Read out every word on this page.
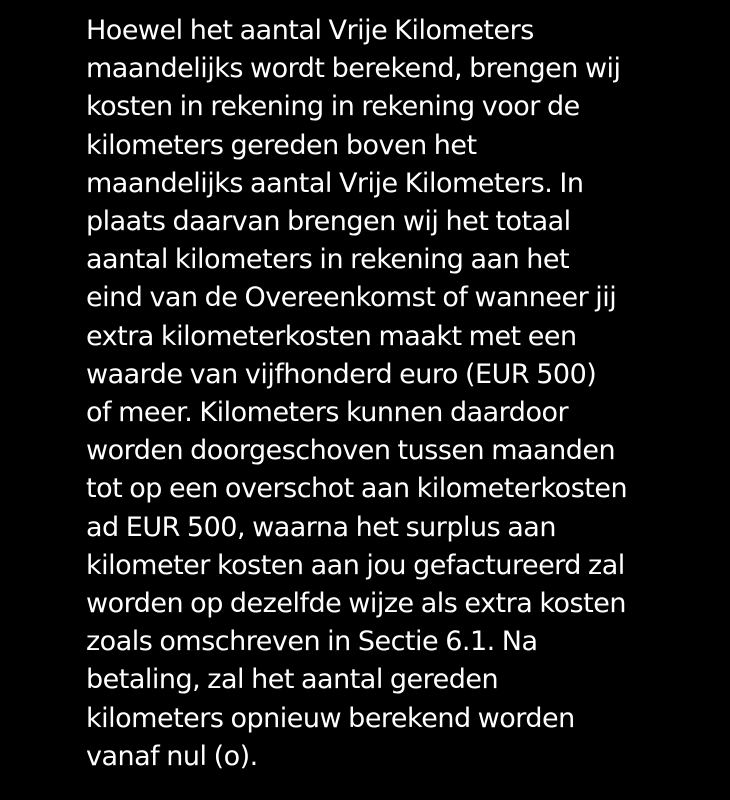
Hoewel het aantal Vrije Kilometers
maandelijks wordt berekend, brengen wij
kosten in rekening in rekening voor de
kilometers gereden boven het
maandelijks aantal Vrije Kilometers. In
plaats daarvan brengen wij het totaal
aantal kilometers in rekening aan het
eind van de Overeenkomst of wanneer jij
extra kilometerkosten maakt met een
waarde van vijfhonderd euro (EUR 500)
of meer. Kilometers kunnen daardoor
worden doorgeschoven tussen maanden
tot op een overschot aan kilometerkosten
ad EUR 500, waarna het surplus aan
kilometer kosten aan jou gefactureerd zal
worden op dezelfde wijze als extra kosten
zoals omschreven in Sectie 6.1. Na
betaling, zal het aantal gereden
kilometers opnieuw berekend worden
vanaf nul (o).
